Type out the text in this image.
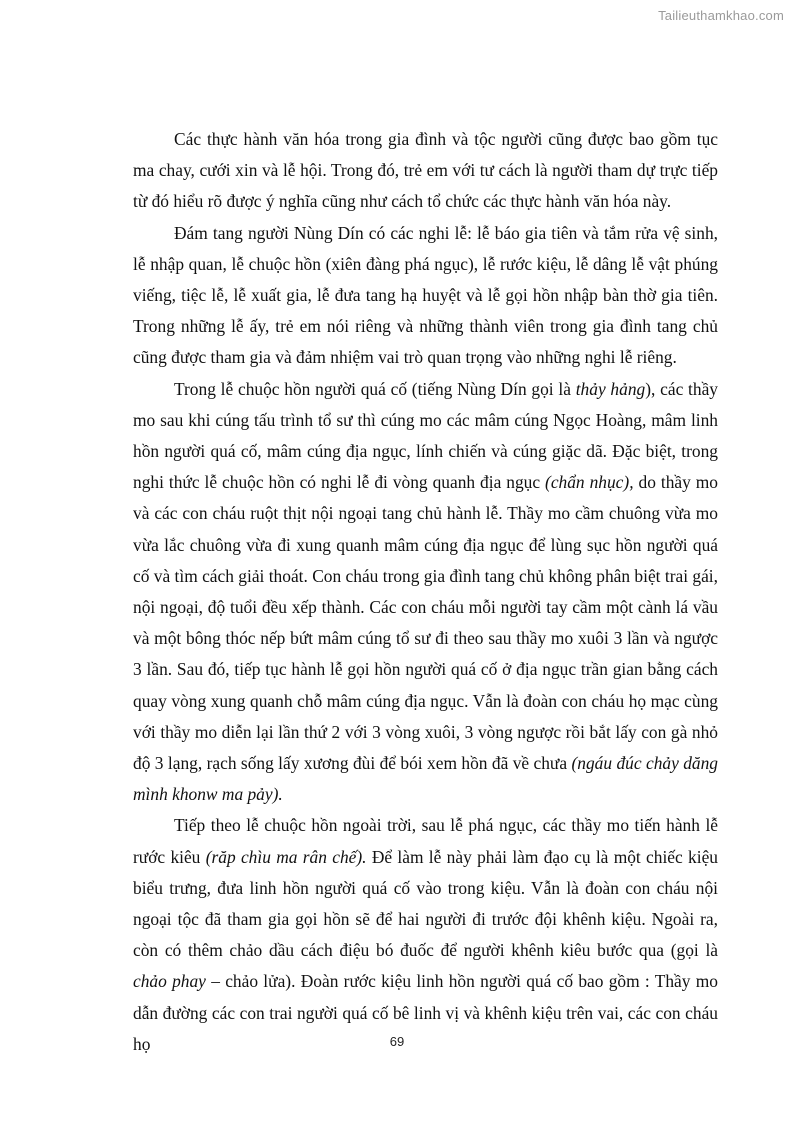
Tailieuthamkhao.com

Các thực hành văn hóa trong gia đình và tộc người cũng được bao gồm tục ma chay, cưới xin và lễ hội. Trong đó, trẻ em với tư cách là người tham dự trực tiếp từ đó hiểu rõ được ý nghĩa cũng như cách tổ chức các thực hành văn hóa này.

Đám tang người Nùng Dín có các nghi lễ: lễ báo gia tiên và tắm rửa vệ sinh, lễ nhập quan, lễ chuộc hồn (xiên đàng phá ngục), lễ rước kiệu, lễ dâng lễ vật phúng viếng, tiệc lễ, lễ xuất gia, lễ đưa tang hạ huyệt và lễ gọi hồn nhập bàn thờ gia tiên. Trong những lễ ấy, trẻ em nói riêng và những thành viên trong gia đình tang chủ cũng được tham gia và đảm nhiệm vai trò quan trọng vào những nghi lễ riêng.

Trong lễ chuộc hồn người quá cố (tiếng Nùng Dín gọi là thảy hảng), các thầy mo sau khi cúng tấu trình tổ sư thì cúng mo các mâm cúng Ngọc Hoàng, mâm linh hồn người quá cố, mâm cúng địa ngục, lính chiến và cúng giặc dã. Đặc biệt, trong nghi thức lễ chuộc hồn có nghi lễ đi vòng quanh địa ngục (chẩn nhục), do thầy mo và các con cháu ruột thịt nội ngoại tang chủ hành lễ. Thầy mo cầm chuông vừa mo vừa lắc chuông vừa đi xung quanh mâm cúng địa ngục để lùng sục hồn người quá cố và tìm cách giải thoát. Con cháu trong gia đình tang chủ không phân biệt trai gái, nội ngoại, độ tuổi đều xếp thành. Các con cháu mỗi người tay cầm một cành lá vầu và một bông thóc nếp bứt mâm cúng tổ sư đi theo sau thầy mo xuôi 3 lần và ngược 3 lần. Sau đó, tiếp tục hành lễ gọi hồn người quá cố ở địa ngục trần gian bằng cách quay vòng xung quanh chỗ mâm cúng địa ngục. Vẫn là đoàn con cháu họ mạc cùng với thầy mo diễn lại lần thứ 2 với 3 vòng xuôi, 3 vòng ngược rồi bắt lấy con gà nhỏ độ 3 lạng, rạch sống lấy xương đùi để bói xem hồn đã về chưa (ngáu đúc chảy dăng mình khonw ma pảy).

Tiếp theo lễ chuộc hồn ngoài trời, sau lễ phá ngục, các thầy mo tiến hành lễ rước kiêu (răp chìu ma rân chế). Để làm lễ này phải làm đạo cụ là một chiếc kiệu biểu trưng, đưa linh hồn người quá cố vào trong kiệu. Vẫn là đoàn con cháu nội ngoại tộc đã tham gia gọi hồn sẽ để hai người đi trước đội khênh kiệu. Ngoài ra, còn có thêm chảo dầu cách điệu bó đuốc để người khênh kiêu bước qua (gọi là chảo phay – chảo lửa). Đoàn rước kiệu linh hồn người quá cố bao gồm : Thầy mo dẫn đường các con trai người quá cố bê linh vị và khênh kiệu trên vai, các con cháu họ	69
